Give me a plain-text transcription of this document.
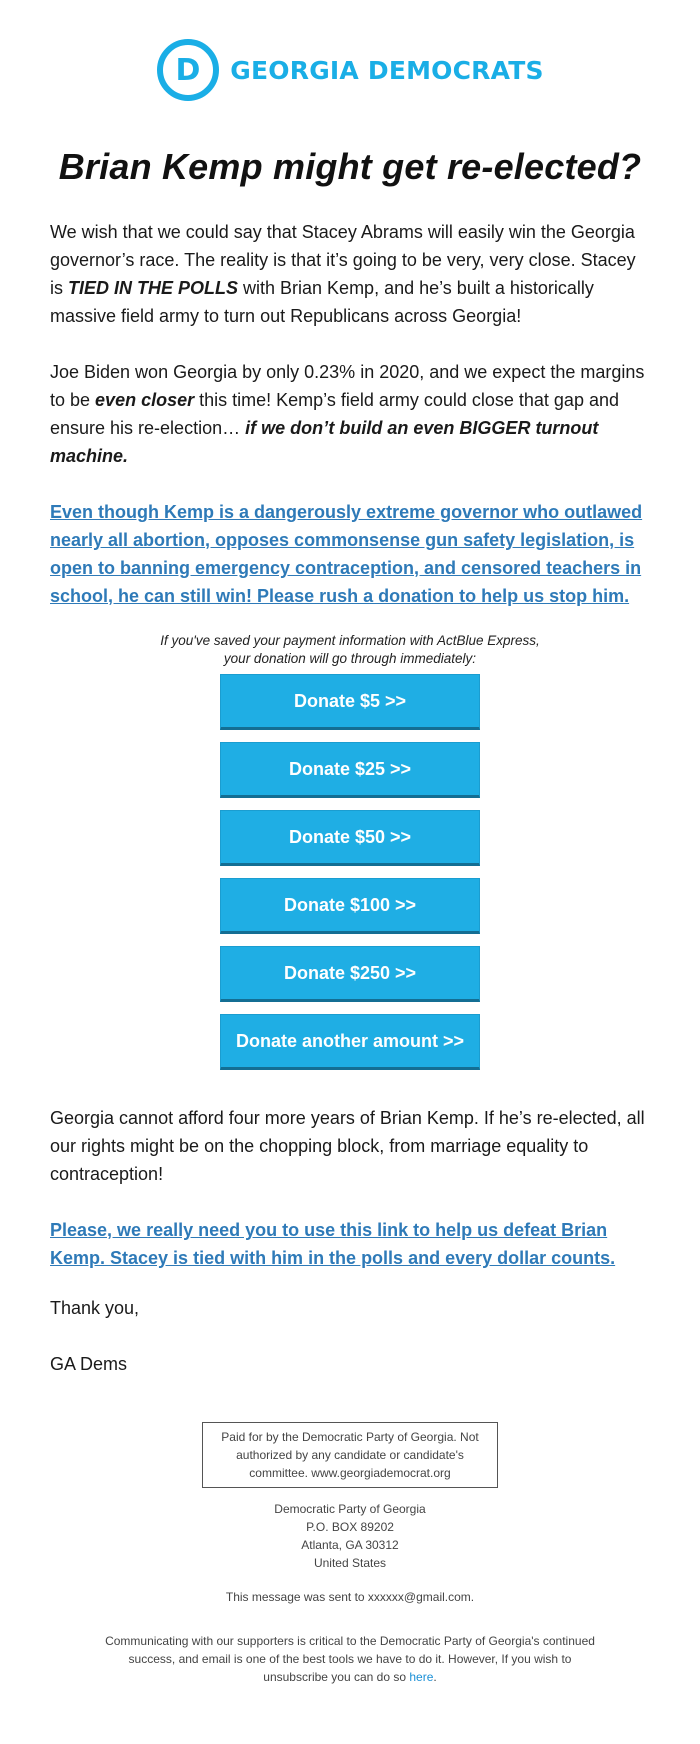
D GEORGIA DEMOCRATS
Brian Kemp might get re-elected?

We wish that we could say that Stacey Abrams will easily win the Georgia governor’s race. The reality is that it’s going to be very, very close. Stacey is TIED IN THE POLLS with Brian Kemp, and he’s built a historically massive field army to turn out Republicans across Georgia!

Joe Biden won Georgia by only 0.23% in 2020, and we expect the margins to be even closer this time! Kemp’s field army could close that gap and ensure his re-election… if we don’t build an even BIGGER turnout machine.

Even though Kemp is a dangerously extreme governor who outlawed nearly all abortion, opposes commonsense gun safety legislation, is open to banning emergency contraception, and censored teachers in school, he can still win! Please rush a donation to help us stop him.

If you've saved your payment information with ActBlue Express,
your donation will go through immediately:
Donate $5 >>
Donate $25 >>
Donate $50 >>
Donate $100 >>
Donate $250 >>
Donate another amount >>

Georgia cannot afford four more years of Brian Kemp. If he’s re-elected, all our rights might be on the chopping block, from marriage equality to contraception!

Please, we really need you to use this link to help us defeat Brian Kemp. Stacey is tied with him in the polls and every dollar counts.

Thank you,

GA Dems

Paid for by the Democratic Party of Georgia. Not authorized by any candidate or candidate's committee. www.georgiademocrat.org
Democratic Party of Georgia
P.O. BOX 89202
Atlanta, GA 30312
United States
This message was sent to xxxxxx@gmail.com.
Communicating with our supporters is critical to the Democratic Party of Georgia's continued success, and email is one of the best tools we have to do it. However, If you wish to unsubscribe you can do so here.
